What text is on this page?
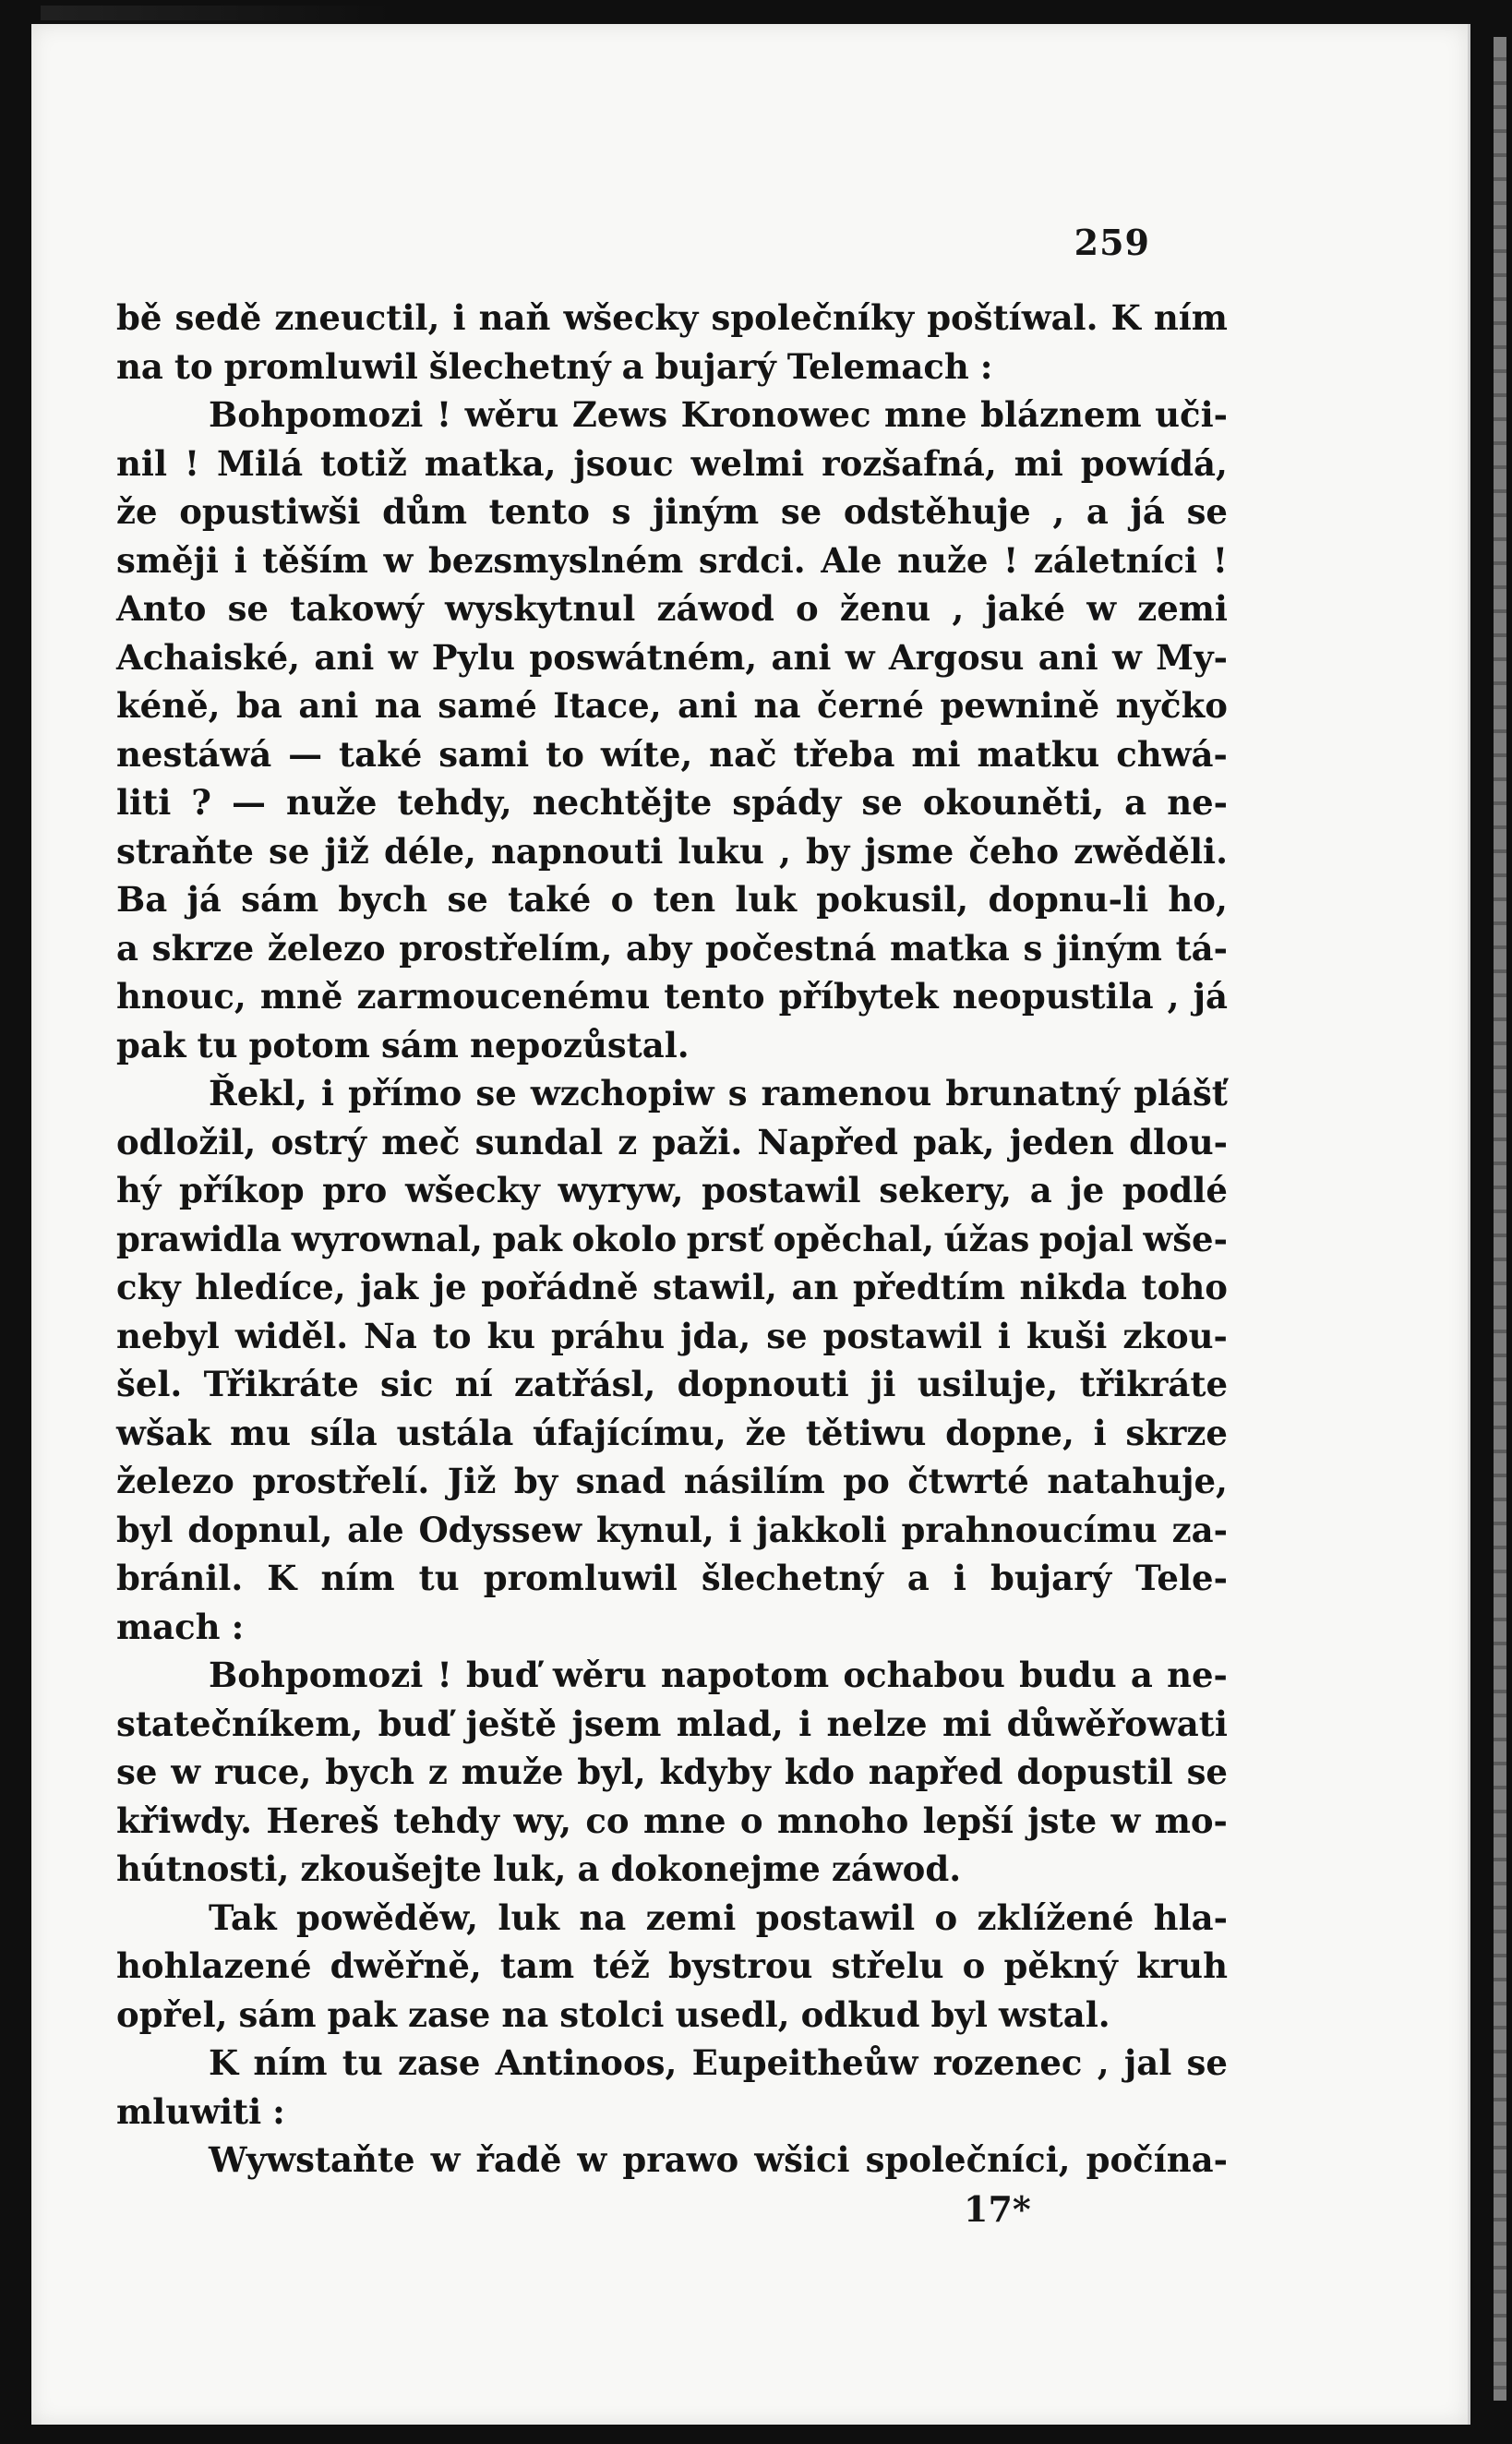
259
bě sedě zneuctil, i naň wšecky společníky poštíwal. K ním
na to promluwil šlechetný a bujarý Telemach :
Bohpomozi ! wěru Zews Kronowec mne bláznem uči-
nil ! Milá totiž matka, jsouc welmi rozšafná, mi powídá,
že opustiwši dům tento s jiným se odstěhuje , a já se
směji i těším w bezsmyslném srdci. Ale nuže ! záletníci !
Anto se takowý wyskytnul záwod o ženu , jaké w zemi
Achaiské, ani w Pylu poswátném, ani w Argosu ani w My-
kéně, ba ani na samé Itace, ani na černé pewnině nyčko
nestáwá — také sami to wíte, nač třeba mi matku chwá-
liti ? — nuže tehdy, nechtějte spády se okouněti, a ne-
straňte se již déle, napnouti luku , by jsme čeho zwěděli.
Ba já sám bych se také o ten luk pokusil, dopnu-li ho,
a skrze železo prostřelím, aby počestná matka s jiným tá-
hnouc, mně zarmoucenému tento příbytek neopustila , já
pak tu potom sám nepozůstal.
Řekl, i přímo se wzchopiw s ramenou brunatný plášť
odložil, ostrý meč sundal z paži. Napřed pak, jeden dlou-
hý příkop pro wšecky wyryw, postawil sekery, a je podlé
prawidla wyrownal, pak okolo prsť opěchal, úžas pojal wše-
cky hledíce, jak je pořádně stawil, an předtím nikda toho
nebyl widěl. Na to ku práhu jda, se postawil i kuši zkou-
šel. Třikráte sic ní zatřásl, dopnouti ji usiluje, třikráte
wšak mu síla ustála úfajícímu, že tětiwu dopne, i skrze
železo prostřelí. Již by snad násilím po čtwrté natahuje,
byl dopnul, ale Odyssew kynul, i jakkoli prahnoucímu za-
bránil. K ním tu promluwil šlechetný a i bujarý Tele-
mach :
Bohpomozi ! buď wěru napotom ochabou budu a ne-
statečníkem, buď ještě jsem mlad, i nelze mi důwěřowati
se w ruce, bych z muže byl, kdyby kdo napřed dopustil se
křiwdy. Hereš tehdy wy, co mne o mnoho lepší jste w mo-
hútnosti, zkoušejte luk, a dokonejme záwod.
Tak powěděw, luk na zemi postawil o zklížené hla-
hohlazené dwěřně, tam též bystrou střelu o pěkný kruh
opřel, sám pak zase na stolci usedl, odkud byl wstal.
K ním tu zase Antinoos, Eupeitheůw rozenec , jal se
mluwiti :
Wywstaňte w řadě w prawo wšici společníci, počína-
17*
